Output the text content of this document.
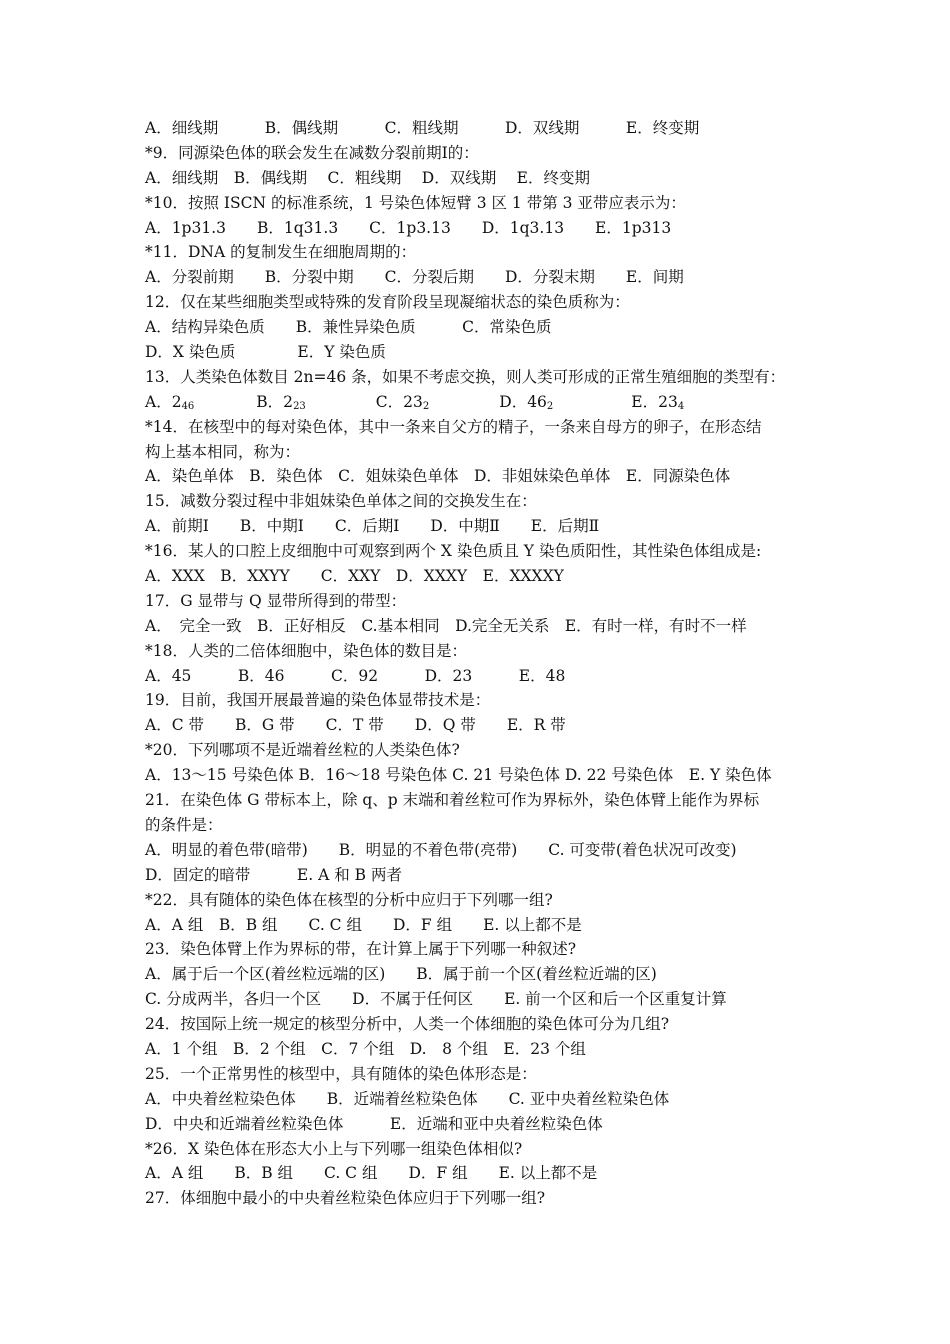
A．细线期　　　B．偶线期　　　C．粗线期　　　D．双线期　　　E．终变期
*9．同源染色体的联会发生在减数分裂前期Ⅰ的：
A．细线期　B．偶线期　 C．粗线期　 D．双线期　 E．终变期
*10．按照 ISCN 的标准系统，1 号染色体短臂 3 区 1 带第 3 亚带应表示为：
A．1p31.3　　B．1q31.3　　C．1p3.13　　D．1q3.13　　E．1p313
*11．DNA 的复制发生在细胞周期的：
A．分裂前期　　B．分裂中期　　C．分裂后期　　D．分裂末期　　E．间期
12．仅在某些细胞类型或特殊的发育阶段呈现凝缩状态的染色质称为：
A．结构异染色质　　B．兼性异染色质　　　C．常染色质
D．X 染色质　　　　E．Y 染色质
13．人类染色体数目 2n=46 条，如果不考虑交换，则人类可形成的正常生殖细胞的类型有：
A．$2_{46}$	B．$2_{23}$	C．$23_2$	D．$46_2$	E．$23_4$
*14．在核型中的每对染色体，其中一条来自父方的精子，一条来自母方的卵子，在形态结
构上基本相同，称为：
A．染色单体　B．染色体　C．姐妹染色单体　D．非姐妹染色单体　E．同源染色体
15．减数分裂过程中非姐妹染色单体之间的交换发生在：
A．前期Ⅰ　　B．中期Ⅰ　　C．后期Ⅰ　　D．中期Ⅱ　　E．后期Ⅱ
*16．某人的口腔上皮细胞中可观察到两个 X 染色质且 Y 染色质阳性，其性染色体组成是:
A．XXX　B．XXYY　　C．XXY　D．XXXY　E．XXXXY
17．G 显带与 Q 显带所得到的带型：
A．　完全一致　B．正好相反　C.基本相同　D.完全无关系　E．有时一样，有时不一样
*18．人类的二倍体细胞中，染色体的数目是：
A．45　　　B．46　　　C．92　　　D．23　　　E．48
19．目前，我国开展最普遍的染色体显带技术是：
A．C 带　　B．G 带　　C．T 带　　D．Q 带　　E．R 带
*20．下列哪项不是近端着丝粒的人类染色体?
A．13～15 号染色体 B．16～18 号染色体 C. 21 号染色体 D. 22 号染色体　E. Y 染色体
21．在染色体 G 带标本上，除 q、p 末端和着丝粒可作为界标外，染色体臂上能作为界标
的条件是：
A．明显的着色带(暗带)　　B．明显的不着色带(亮带)　　C. 可变带(着色状况可改变)
D．固定的暗带　　　E. A 和 B 两者
*22．具有随体的染色体在核型的分析中应归于下列哪一组?
A．A 组　B．B 组　　C. C 组　　D．F 组　　E. 以上都不是
23．染色体臂上作为界标的带，在计算上属于下列哪一种叙述?
A．属于后一个区(着丝粒远端的区)　　B．属于前一个区(着丝粒近端的区)
C. 分成两半，各归一个区　　D．不属于任何区　　E. 前一个区和后一个区重复计算
24．按国际上统一规定的核型分析中，人类一个体细胞的染色体可分为几组?
A．1 个组　B．2 个组　C．7 个组　D.　8 个组　E．23 个组
25．一个正常男性的核型中，具有随体的染色体形态是：
A．中央着丝粒染色体　　B．近端着丝粒染色体　　C. 亚中央着丝粒染色体
D．中央和近端着丝粒染色体　　　E．近端和亚中央着丝粒染色体
*26．X 染色体在形态大小上与下列哪一组染色体相似?
A．A 组　　B．B 组　　C. C 组　　D．F 组　　E. 以上都不是
27．体细胞中最小的中央着丝粒染色体应归于下列哪一组?
